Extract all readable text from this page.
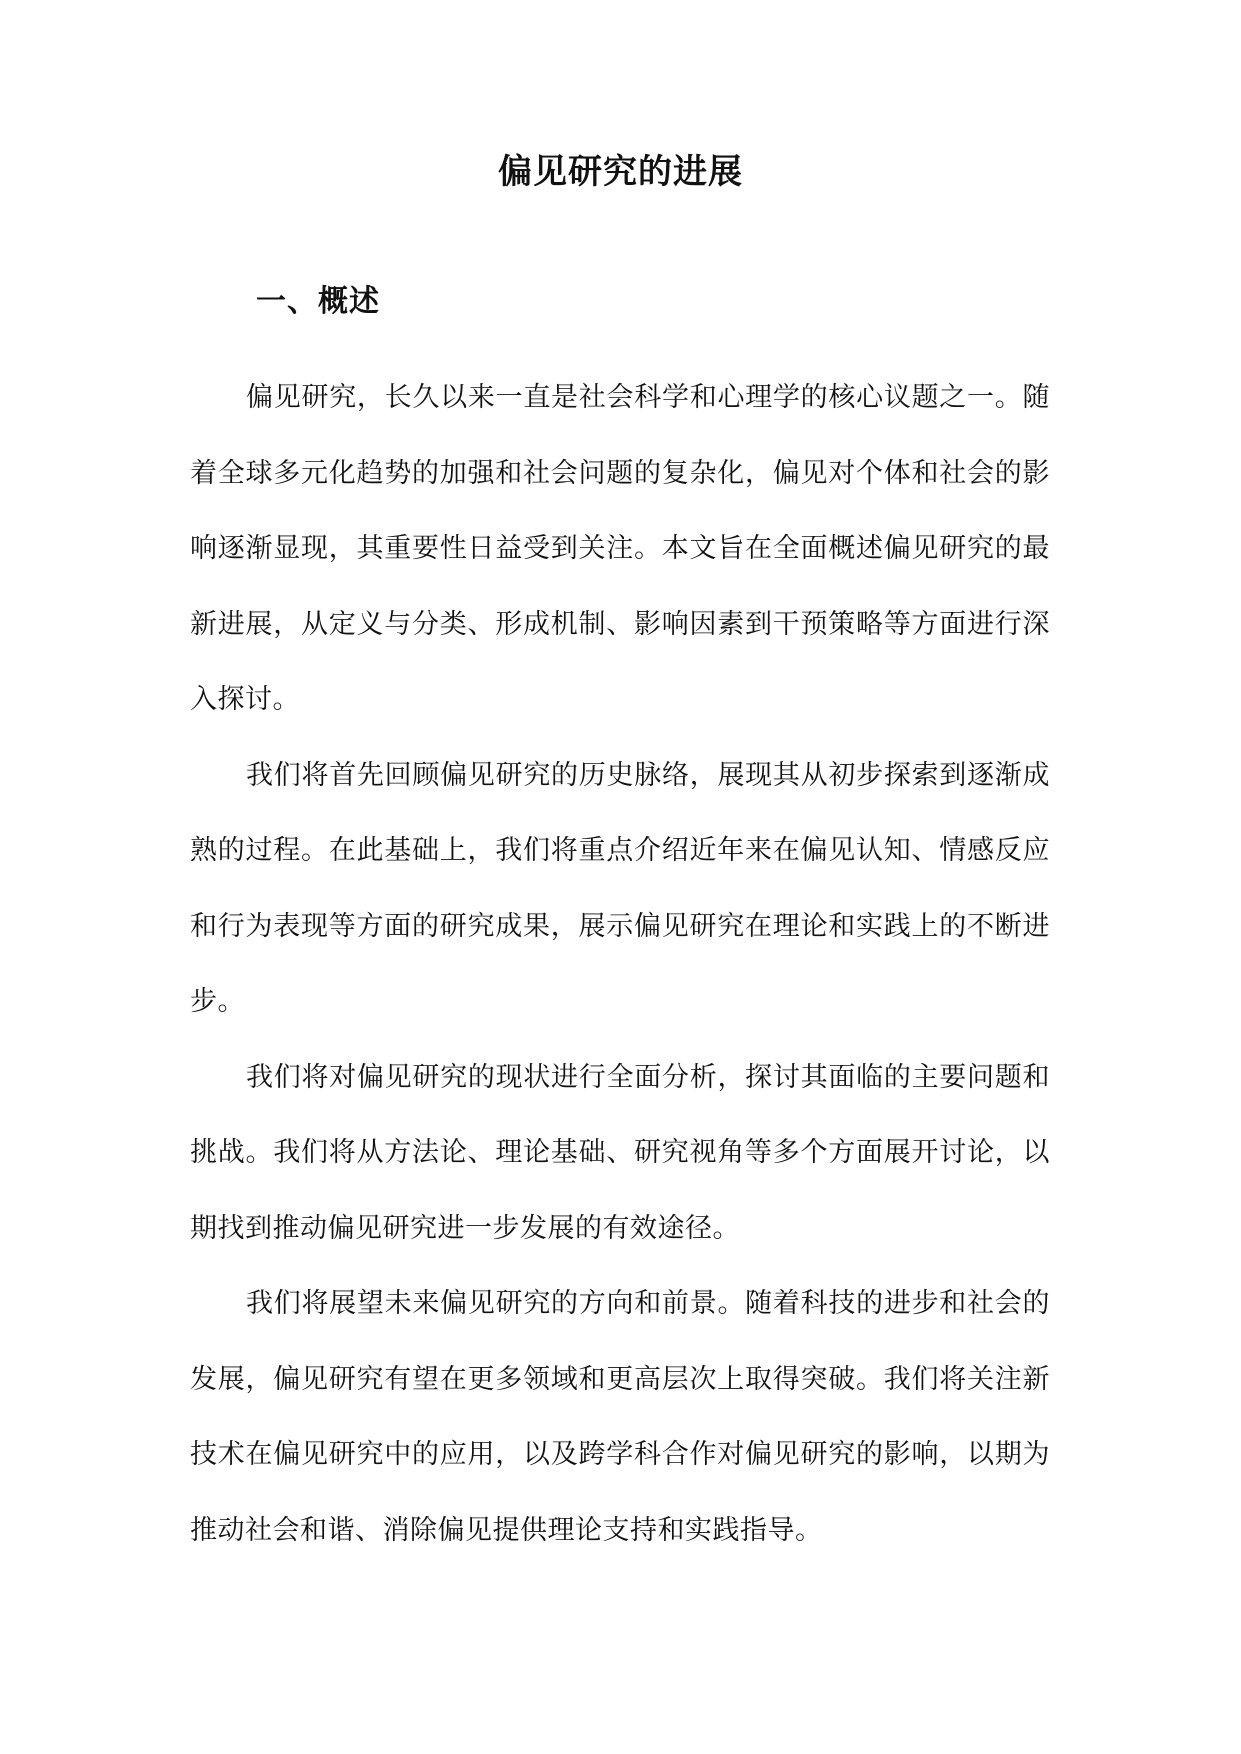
偏见研究的进展
一、概述

偏见研究，长久以来一直是社会科学和心理学的核心议题之一。随着全球多元化趋势的加强和社会问题的复杂化，偏见对个体和社会的影响逐渐显现，其重要性日益受到关注。本文旨在全面概述偏见研究的最新进展，从定义与分类、形成机制、影响因素到干预策略等方面进行深入探讨。

我们将首先回顾偏见研究的历史脉络，展现其从初步探索到逐渐成熟的过程。在此基础上，我们将重点介绍近年来在偏见认知、情感反应和行为表现等方面的研究成果，展示偏见研究在理论和实践上的不断进步。

我们将对偏见研究的现状进行全面分析，探讨其面临的主要问题和挑战。我们将从方法论、理论基础、研究视角等多个方面展开讨论，以期找到推动偏见研究进一步发展的有效途径。

我们将展望未来偏见研究的方向和前景。随着科技的进步和社会的发展，偏见研究有望在更多领域和更高层次上取得突破。我们将关注新技术在偏见研究中的应用，以及跨学科合作对偏见研究的影响，以期为推动社会和谐、消除偏见提供理论支持和实践指导。
